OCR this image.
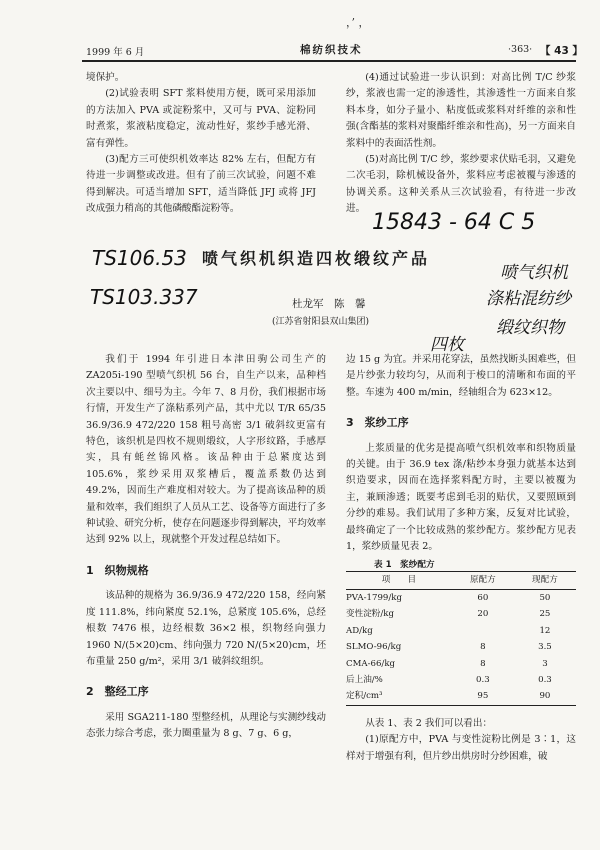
，’ ，
1999 年 6 月	棉纺织技术	·363· 【 43 】

境保护。

(2)试验表明 SFT 浆料使用方便，既可采用添加的方法加入 PVA 或淀粉浆中，又可与 PVA、淀粉同时煮浆，浆液粘度稳定，流动性好，浆纱手感光滑、富有弹性。

(3)配方三可使织机效率达 82% 左右，但配方有待进一步调整或改进。但有了前三次试验，问题不难得到解决。可适当增加 SFT，适当降低 JFJ 或将 JFJ 改成强力稍高的其他磷酸酯淀粉等。

(4)通过试验进一步认识到：对高比例 T/C 纱浆纱，浆液也需一定的渗透性，其渗透性一方面来自浆料本身，如分子量小、粘度低或浆料对纤维的亲和性强(含酯基的浆料对聚酯纤维亲和性高)，另一方面来自浆料中的表面活性剂。

(5)对高比例 T/C 纱，浆纱要求伏贴毛羽，又避免二次毛羽，除机械设备外，浆料应考虑被覆与渗透的协调关系。这种关系从三次试验看，有待进一步改进。

15843 - 64 C 5
TS106.53
TS103.337
喷气织机
涤粘混纺纱
缎纹织物
四枚
喷气织机织造四枚缎纹产品
杜龙军　陈　馨
(江苏省射阳县双山集团)

我们于 1994 年引进日本津田驹公司生产的 ZA205i-190 型喷气织机 56 台，自生产以来，品种档次主要以中、细号为主。今年 7、8 月份，我们根据市场行情，开发生产了涤粘系列产品，其中尤以 T/R 65/35 36.9/36.9 472/220 158 粗号高密 3/1 破斜纹更富有特色，该织机是四枚不规则缎纹，人字形纹路，手感厚实，具有蚝丝锦风格。该品种由于总紧度达到 105.6%，浆纱采用双浆槽后，覆盖系数仍达到 49.2%，因而生产难度相对较大。为了提高该品种的质量和效率，我们组织了人员从工艺、设备等方面进行了多种试验、研究分析，使存在问题逐步得到解决，平均效率达到 92% 以上，现就整个开发过程总结如下。

1　织物规格

该品种的规格为 36.9/36.9 472/220 158，经向紧度 111.8%，纬向紧度 52.1%，总紧度 105.6%，总经根数 7476 根，边经根数 36×2 根，织物经向强力 1960 N/(5×20)cm、纬向强力 720 N/(5×20)cm，坯布重量 250 g/m²，采用 3/1 破斜纹组织。

2　整经工序

采用 SGA211-180 型整经机，从理论与实测纱线动态张力综合考虑，张力圈重量为 8 g、7 g、6 g，

边 15 g 为宜。并采用花穿法，虽然找断头困难些，但是片纱张力较均匀，从而利于梭口的清晰和布面的平整。车速为 400 m/min，经轴组合为 623×12。

3　浆纱工序

上浆质量的优劣是提高喷气织机效率和织物质量的关键。由于 36.9 tex 涤/粘纱本身强力就基本达到织造要求，因而在选择浆料配方时，主要以被覆为主，兼顾渗透；既要考虑到毛羽的贴伏，又要照顾到分纱的难易。我们试用了多种方案，反复对比试验，最终确定了一个比较成熟的浆纱配方。浆纱配方见表 1，浆纱质量见表 2。

表 1　浆纱配方
项　　目	原配方	现配方
PVA-1799/kg	60	50
变性淀粉/kg	20	25
AD/kg		12
SLMO-96/kg	8	3.5
CMA-66/kg	8	3
后上油/%	0.3	0.3
定积/cm³	95	90

从表 1、表 2 我们可以看出：

(1)原配方中，PVA 与变性淀粉比例是 3∶1，这样对于增强有利，但片纱出烘房时分纱困难，破
